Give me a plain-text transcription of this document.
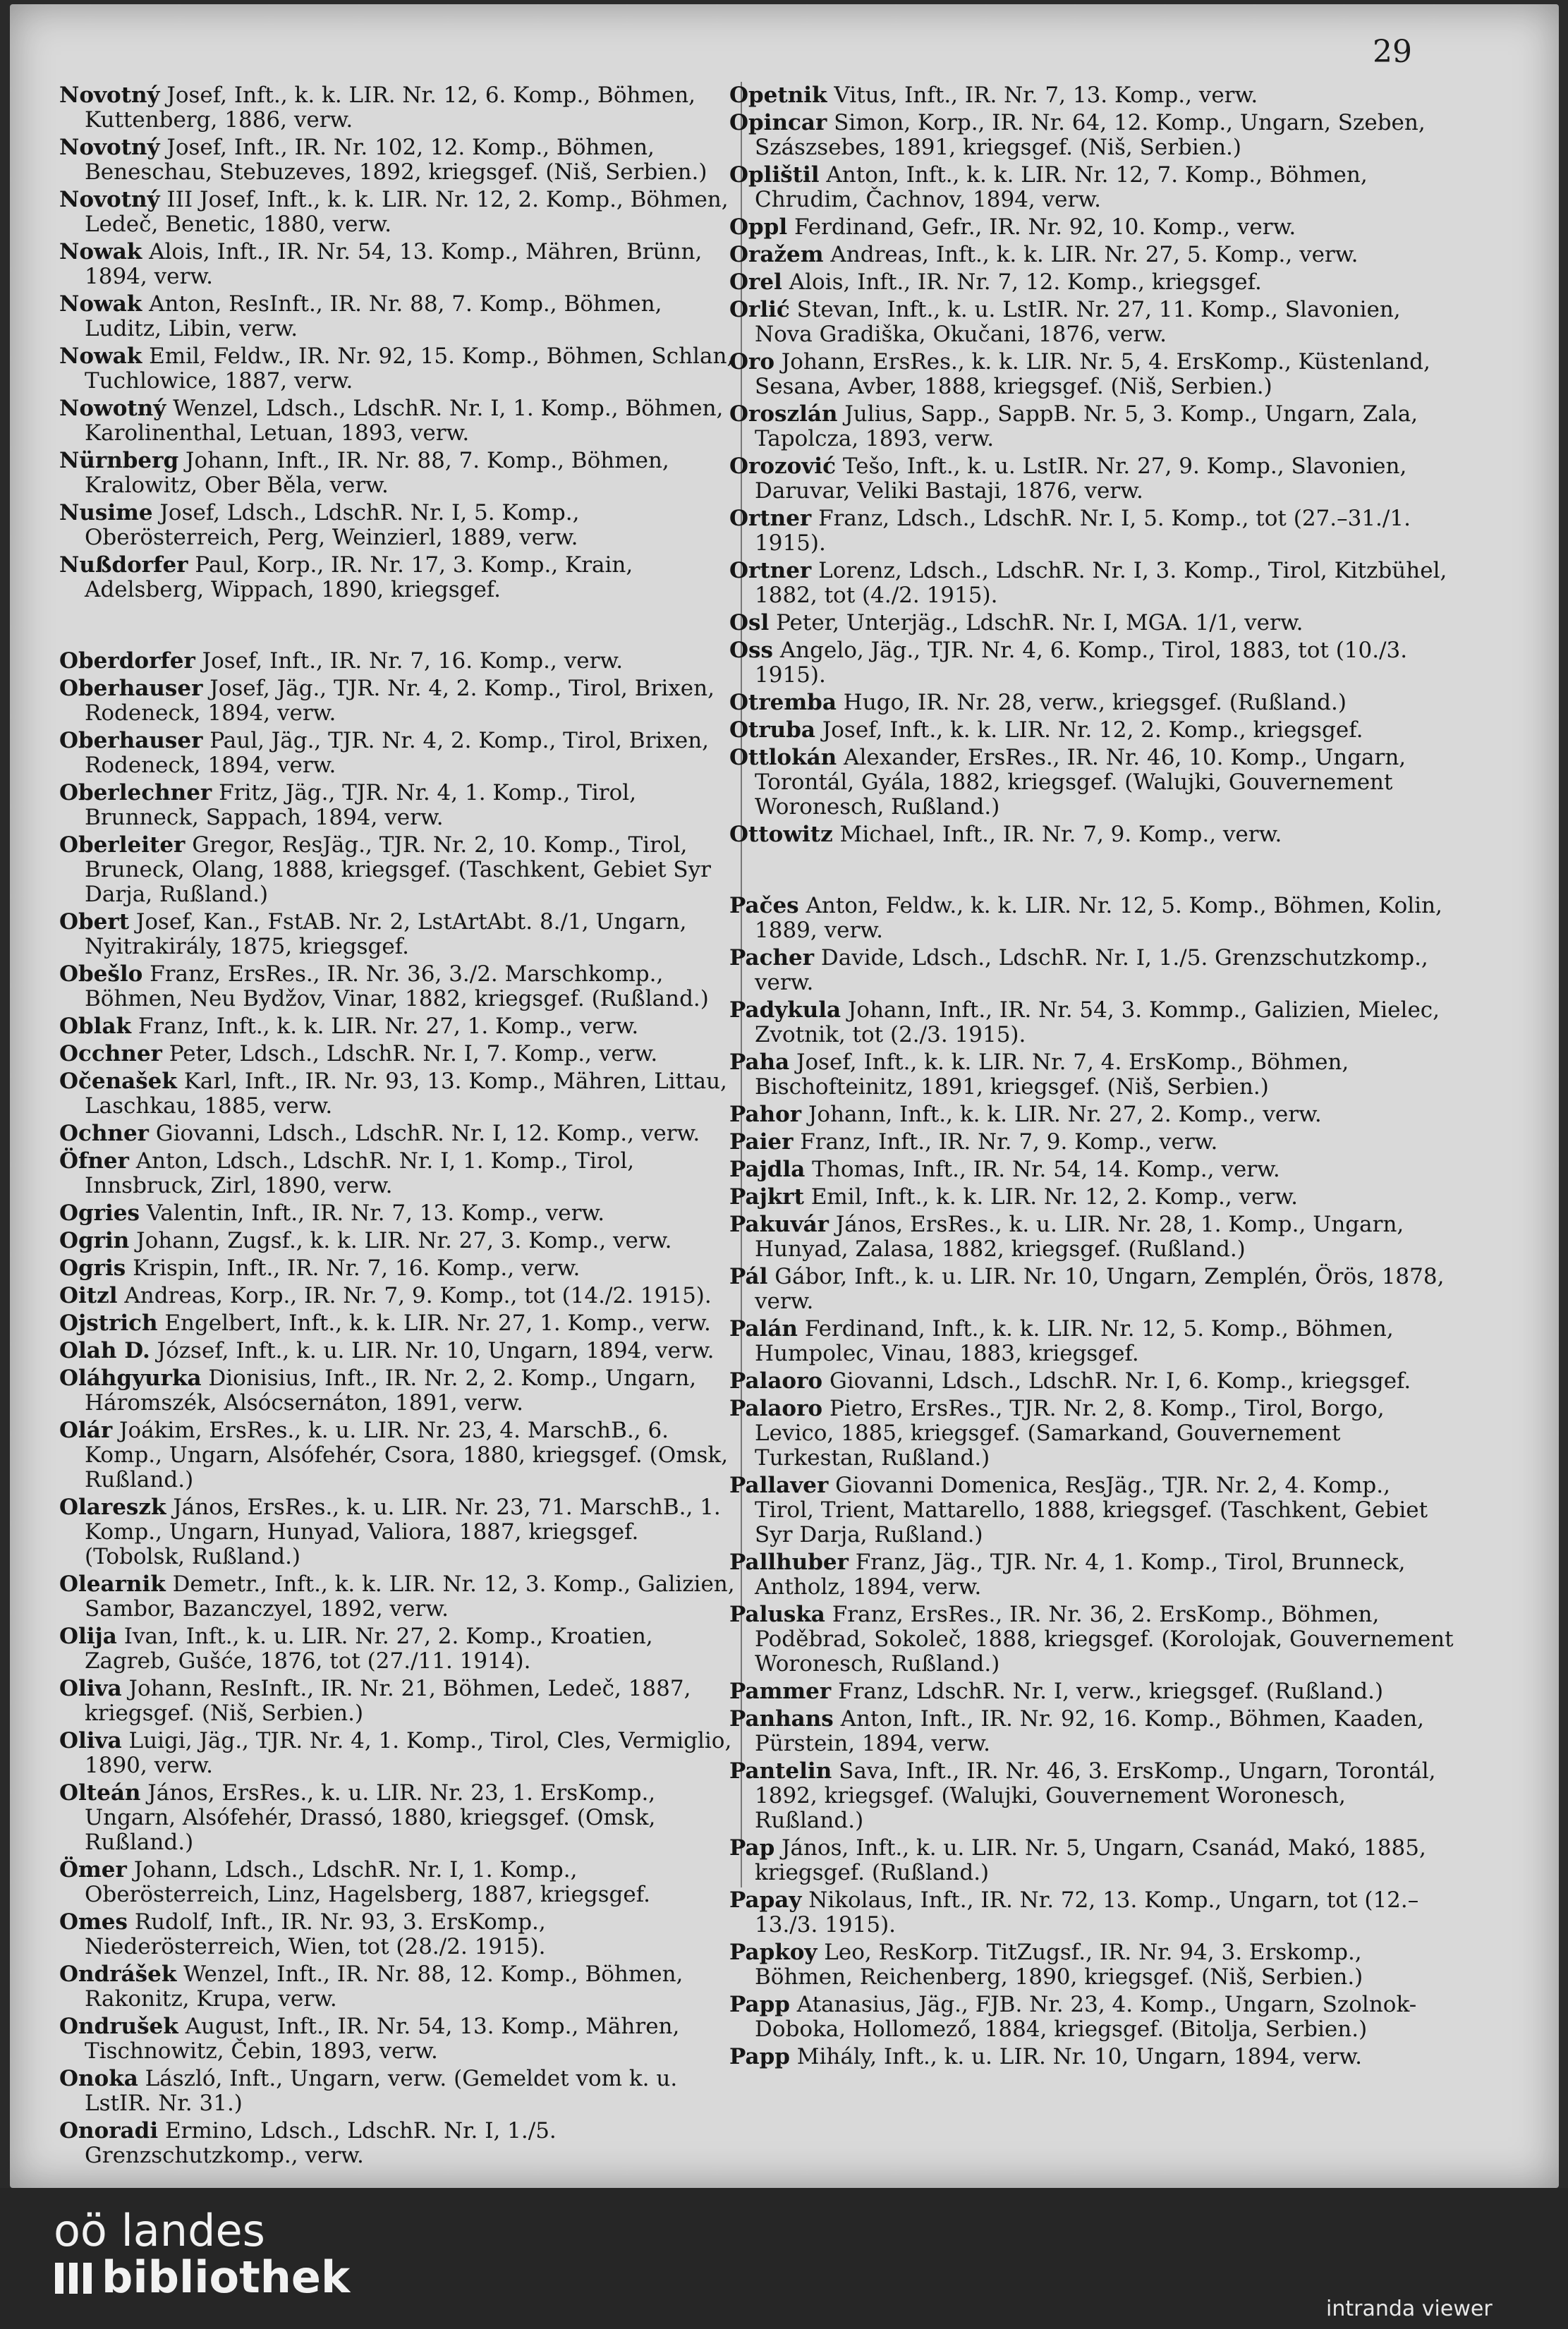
29
Novotný Josef, Inft., k. k. LIR. Nr. 12, 6. Komp., Böhmen, Kuttenberg, 1886, verw.
Novotný Josef, Inft., IR. Nr. 102, 12. Komp., Böhmen, Beneschau, Stebuzeves, 1892, kriegsgef. (Niš, Serbien.)
Novotný III Josef, Inft., k. k. LIR. Nr. 12, 2. Komp., Böhmen, Ledeč, Benetic, 1880, verw.
Nowak Alois, Inft., IR. Nr. 54, 13. Komp., Mähren, Brünn, 1894, verw.
Nowak Anton, ResInft., IR. Nr. 88, 7. Komp., Böhmen, Luditz, Libin, verw.
Nowak Emil, Feldw., IR. Nr. 92, 15. Komp., Böhmen, Schlan, Tuchlowice, 1887, verw.
Nowotný Wenzel, Ldsch., LdschR. Nr. I, 1. Komp., Böhmen, Karolinenthal, Letuan, 1893, verw.
Nürnberg Johann, Inft., IR. Nr. 88, 7. Komp., Böhmen, Kralowitz, Ober Běla, verw.
Nusime Josef, Ldsch., LdschR. Nr. I, 5. Komp., Oberösterreich, Perg, Weinzierl, 1889, verw.
Nußdorfer Paul, Korp., IR. Nr. 17, 3. Komp., Krain, Adelsberg, Wippach, 1890, kriegsgef.
Oberdorfer Josef, Inft., IR. Nr. 7, 16. Komp., verw.
Oberhauser Josef, Jäg., TJR. Nr. 4, 2. Komp., Tirol, Brixen, Rodeneck, 1894, verw.
Oberhauser Paul, Jäg., TJR. Nr. 4, 2. Komp., Tirol, Brixen, Rodeneck, 1894, verw.
Oberlechner Fritz, Jäg., TJR. Nr. 4, 1. Komp., Tirol, Brunneck, Sappach, 1894, verw.
Oberleiter Gregor, ResJäg., TJR. Nr. 2, 10. Komp., Tirol, Bruneck, Olang, 1888, kriegsgef. (Taschkent, Gebiet Syr Darja, Rußland.)
Obert Josef, Kan., FstAB. Nr. 2, LstArtAbt. 8./1, Ungarn, Nyitrakirály, 1875, kriegsgef.
Obešlo Franz, ErsRes., IR. Nr. 36, 3./2. Marschkomp., Böhmen, Neu Bydžov, Vinar, 1882, kriegsgef. (Rußland.)
Oblak Franz, Inft., k. k. LIR. Nr. 27, 1. Komp., verw.
Occhner Peter, Ldsch., LdschR. Nr. I, 7. Komp., verw.
Očenašek Karl, Inft., IR. Nr. 93, 13. Komp., Mähren, Littau, Laschkau, 1885, verw.
Ochner Giovanni, Ldsch., LdschR. Nr. I, 12. Komp., verw.
Öfner Anton, Ldsch., LdschR. Nr. I, 1. Komp., Tirol, Innsbruck, Zirl, 1890, verw.
Ogries Valentin, Inft., IR. Nr. 7, 13. Komp., verw.
Ogrin Johann, Zugsf., k. k. LIR. Nr. 27, 3. Komp., verw.
Ogris Krispin, Inft., IR. Nr. 7, 16. Komp., verw.
Oitzl Andreas, Korp., IR. Nr. 7, 9. Komp., tot (14./2. 1915).
Ojstrich Engelbert, Inft., k. k. LIR. Nr. 27, 1. Komp., verw.
Olah D. József, Inft., k. u. LIR. Nr. 10, Ungarn, 1894, verw.
Oláhgyurka Dionisius, Inft., IR. Nr. 2, 2. Komp., Ungarn, Háromszék, Alsócsernáton, 1891, verw.
Olár Joákim, ErsRes., k. u. LIR. Nr. 23, 4. MarschB., 6. Komp., Ungarn, Alsófehér, Csora, 1880, kriegsgef. (Omsk, Rußland.)
Olareszk János, ErsRes., k. u. LIR. Nr. 23, 71. MarschB., 1. Komp., Ungarn, Hunyad, Valiora, 1887, kriegsgef. (Tobolsk, Rußland.)
Olearnik Demetr., Inft., k. k. LIR. Nr. 12, 3. Komp., Galizien, Sambor, Bazanczyel, 1892, verw.
Olija Ivan, Inft., k. u. LIR. Nr. 27, 2. Komp., Kroatien, Zagreb, Gušće, 1876, tot (27./11. 1914).
Oliva Johann, ResInft., IR. Nr. 21, Böhmen, Ledeč, 1887, kriegsgef. (Niš, Serbien.)
Oliva Luigi, Jäg., TJR. Nr. 4, 1. Komp., Tirol, Cles, Vermiglio, 1890, verw.
Olteán János, ErsRes., k. u. LIR. Nr. 23, 1. ErsKomp., Ungarn, Alsófehér, Drassó, 1880, kriegsgef. (Omsk, Rußland.)
Ömer Johann, Ldsch., LdschR. Nr. I, 1. Komp., Oberösterreich, Linz, Hagelsberg, 1887, kriegsgef.
Omes Rudolf, Inft., IR. Nr. 93, 3. ErsKomp., Niederösterreich, Wien, tot (28./2. 1915).
Ondrášek Wenzel, Inft., IR. Nr. 88, 12. Komp., Böhmen, Rakonitz, Krupa, verw.
Ondrušek August, Inft., IR. Nr. 54, 13. Komp., Mähren, Tischnowitz, Čebin, 1893, verw.
Onoka László, Inft., Ungarn, verw. (Gemeldet vom k. u. LstIR. Nr. 31.)
Onoradi Ermino, Ldsch., LdschR. Nr. I, 1./5. Grenzschutzkomp., verw.
Opetnik Vitus, Inft., IR. Nr. 7, 13. Komp., verw.
Opincar Simon, Korp., IR. Nr. 64, 12. Komp., Ungarn, Szeben, Szászsebes, 1891, kriegsgef. (Niš, Serbien.)
Oplištil Anton, Inft., k. k. LIR. Nr. 12, 7. Komp., Böhmen, Chrudim, Čachnov, 1894, verw.
Oppl Ferdinand, Gefr., IR. Nr. 92, 10. Komp., verw.
Oražem Andreas, Inft., k. k. LIR. Nr. 27, 5. Komp., verw.
Orel Alois, Inft., IR. Nr. 7, 12. Komp., kriegsgef.
Orlić Stevan, Inft., k. u. LstIR. Nr. 27, 11. Komp., Slavonien, Nova Gradiška, Okučani, 1876, verw.
Oro Johann, ErsRes., k. k. LIR. Nr. 5, 4. ErsKomp., Küstenland, Sesana, Avber, 1888, kriegsgef. (Niš, Serbien.)
Oroszlán Julius, Sapp., SappB. Nr. 5, 3. Komp., Ungarn, Zala, Tapolcza, 1893, verw.
Orozović Tešo, Inft., k. u. LstIR. Nr. 27, 9. Komp., Slavonien, Daruvar, Veliki Bastaji, 1876, verw.
Ortner Franz, Ldsch., LdschR. Nr. I, 5. Komp., tot (27.–31./1. 1915).
Ortner Lorenz, Ldsch., LdschR. Nr. I, 3. Komp., Tirol, Kitzbühel, 1882, tot (4./2. 1915).
Osl Peter, Unterjäg., LdschR. Nr. I, MGA. 1/1, verw.
Oss Angelo, Jäg., TJR. Nr. 4, 6. Komp., Tirol, 1883, tot (10./3. 1915).
Otremba Hugo, IR. Nr. 28, verw., kriegsgef. (Rußland.)
Otruba Josef, Inft., k. k. LIR. Nr. 12, 2. Komp., kriegsgef.
Ottlokán Alexander, ErsRes., IR. Nr. 46, 10. Komp., Ungarn, Torontál, Gyála, 1882, kriegsgef. (Walujki, Gouvernement Woronesch, Rußland.)
Ottowitz Michael, Inft., IR. Nr. 7, 9. Komp., verw.
Pačes Anton, Feldw., k. k. LIR. Nr. 12, 5. Komp., Böhmen, Kolin, 1889, verw.
Pacher Davide, Ldsch., LdschR. Nr. I, 1./5. Grenzschutzkomp., verw.
Padykula Johann, Inft., IR. Nr. 54, 3. Kommp., Galizien, Mielec, Zvotnik, tot (2./3. 1915).
Paha Josef, Inft., k. k. LIR. Nr. 7, 4. ErsKomp., Böhmen, Bischofteinitz, 1891, kriegsgef. (Niš, Serbien.)
Pahor Johann, Inft., k. k. LIR. Nr. 27, 2. Komp., verw.
Paier Franz, Inft., IR. Nr. 7, 9. Komp., verw.
Pajdla Thomas, Inft., IR. Nr. 54, 14. Komp., verw.
Pajkrt Emil, Inft., k. k. LIR. Nr. 12, 2. Komp., verw.
Pakuvár János, ErsRes., k. u. LIR. Nr. 28, 1. Komp., Ungarn, Hunyad, Zalasa, 1882, kriegsgef. (Rußland.)
Pál Gábor, Inft., k. u. LIR. Nr. 10, Ungarn, Zemplén, Örös, 1878, verw.
Palán Ferdinand, Inft., k. k. LIR. Nr. 12, 5. Komp., Böhmen, Humpolec, Vinau, 1883, kriegsgef.
Palaoro Giovanni, Ldsch., LdschR. Nr. I, 6. Komp., kriegsgef.
Palaoro Pietro, ErsRes., TJR. Nr. 2, 8. Komp., Tirol, Borgo, Levico, 1885, kriegsgef. (Samarkand, Gouvernement Turkestan, Rußland.)
Pallaver Giovanni Domenica, ResJäg., TJR. Nr. 2, 4. Komp., Tirol, Trient, Mattarello, 1888, kriegsgef. (Taschkent, Gebiet Syr Darja, Rußland.)
Pallhuber Franz, Jäg., TJR. Nr. 4, 1. Komp., Tirol, Brunneck, Antholz, 1894, verw.
Paluska Franz, ErsRes., IR. Nr. 36, 2. ErsKomp., Böhmen, Poděbrad, Sokoleč, 1888, kriegsgef. (Korolojak, Gouvernement Woronesch, Rußland.)
Pammer Franz, LdschR. Nr. I, verw., kriegsgef. (Rußland.)
Panhans Anton, Inft., IR. Nr. 92, 16. Komp., Böhmen, Kaaden, Pürstein, 1894, verw.
Pantelin Sava, Inft., IR. Nr. 46, 3. ErsKomp., Ungarn, Torontál, 1892, kriegsgef. (Walujki, Gouvernement Woronesch, Rußland.)
Pap János, Inft., k. u. LIR. Nr. 5, Ungarn, Csanád, Makó, 1885, kriegsgef. (Rußland.)
Papay Nikolaus, Inft., IR. Nr. 72, 13. Komp., Ungarn, tot (12.–13./3. 1915).
Papkoy Leo, ResKorp. TitZugsf., IR. Nr. 94, 3. Erskomp., Böhmen, Reichenberg, 1890, kriegsgef. (Niš, Serbien.)
Papp Atanasius, Jäg., FJB. Nr. 23, 4. Komp., Ungarn, Szolnok-Doboka, Hollomező, 1884, kriegsgef. (Bitolja, Serbien.)
Papp Mihály, Inft., k. u. LIR. Nr. 10, Ungarn, 1894, verw.
oö landes
bibliothek
intranda viewer
